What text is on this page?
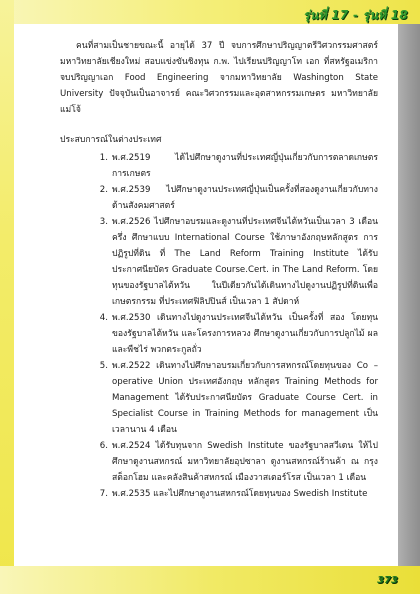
รุ่นที่ 17 - รุ่นที่ 18

คนที่สามเป็นชายขณะนี้ อายุได้ 37 ปี จบการศึกษาปริญญาตรีวิศวกรรมศาสตร์ มหาวิทยาลัยเชียงใหม่ สอบแข่งขันชิงทุน ก.พ. ไปเรียนปริญญาโท เอก ที่สหรัฐอเมริกา จบปริญญาเอก Food Engineering จากมหาวิทยาลัย Washington State University ปัจจุบันเป็นอาจารย์ คณะวิศวกรรมและอุตสาหกรรมเกษตร มหาวิทยาลัยแม่โจ้

ประสบการณ์ในต่างประเทศ
1. พ.ศ.2519 ได้ไปศึกษาดูงานที่ประเทศญี่ปุ่นเกี่ยวกับการตลาดเกษตร การเกษตร
2. พ.ศ.2539 ไปศึกษาดูงานประเทศญี่ปุ่นเป็นครั้งที่สองดูงานเกี่ยวกับทาง ด้านสังคมศาสตร์
3. พ.ศ.2526 ไปศึกษาอบรมและดูงานที่ประเทศจีนไต้หวันเป็นเวลา 3 เดือนครึ่ง ศึกษาแบบ International Course ใช้ภาษาอังกฤษหลักสูตร การปฏิรูปที่ดิน ที่ The Land Reform Training Institute ได้รับ ประกาศนียบัตร Graduate Course.Cert. in The Land Reform. โดย ทุนของรัฐบาลไต้หวัน ในปีเดียวกันได้เดินทางไปดูงานปฏิรูปที่ดินเพื่อ เกษตรกรรม ที่ประเทศฟิลิปปินส์ เป็นเวลา 1 สัปดาห์
4. พ.ศ.2530 เดินทางไปดูงานประเทศจีนไต้หวัน เป็นครั้งที่ สอง โดยทุน ของรัฐบาลไต้หวัน และโครงการหลวง ศึกษาดูงานเกี่ยวกับการปลูกไม้ ผล และพืชไร่ พวกตระกูลถั่ว
5. พ.ศ.2522 เดินทางไปศึกษาอบรมเกี่ยวกับการสหกรณ์โดยทุนของ Co – operative Union ประเทศอังกฤษ หลักสูตร Training Methods for Management ได้รับประกาศนียบัตร Graduate Course Cert. in Specialist Course in Training Methods for management เป็น เวลานาน 4 เดือน
6. พ.ศ.2524 ได้รับทุนจาก Swedish Institute ของรัฐบาลสวีเดน ให้ไป ศึกษาดูงานสหกรณ์ มหาวิทยาลัยอุปซาลา ดูงานสหกรณ์ร้านค้า ณ กรุง สต็อกโฮม และคลังสินค้าสหกรณ์ เมืองวาสเตอร์โรส เป็นเวลา 1 เดือน
7. พ.ศ.2535 และไปศึกษาดูงานสหกรณ์โดยทุนของ Swedish Institute
373
